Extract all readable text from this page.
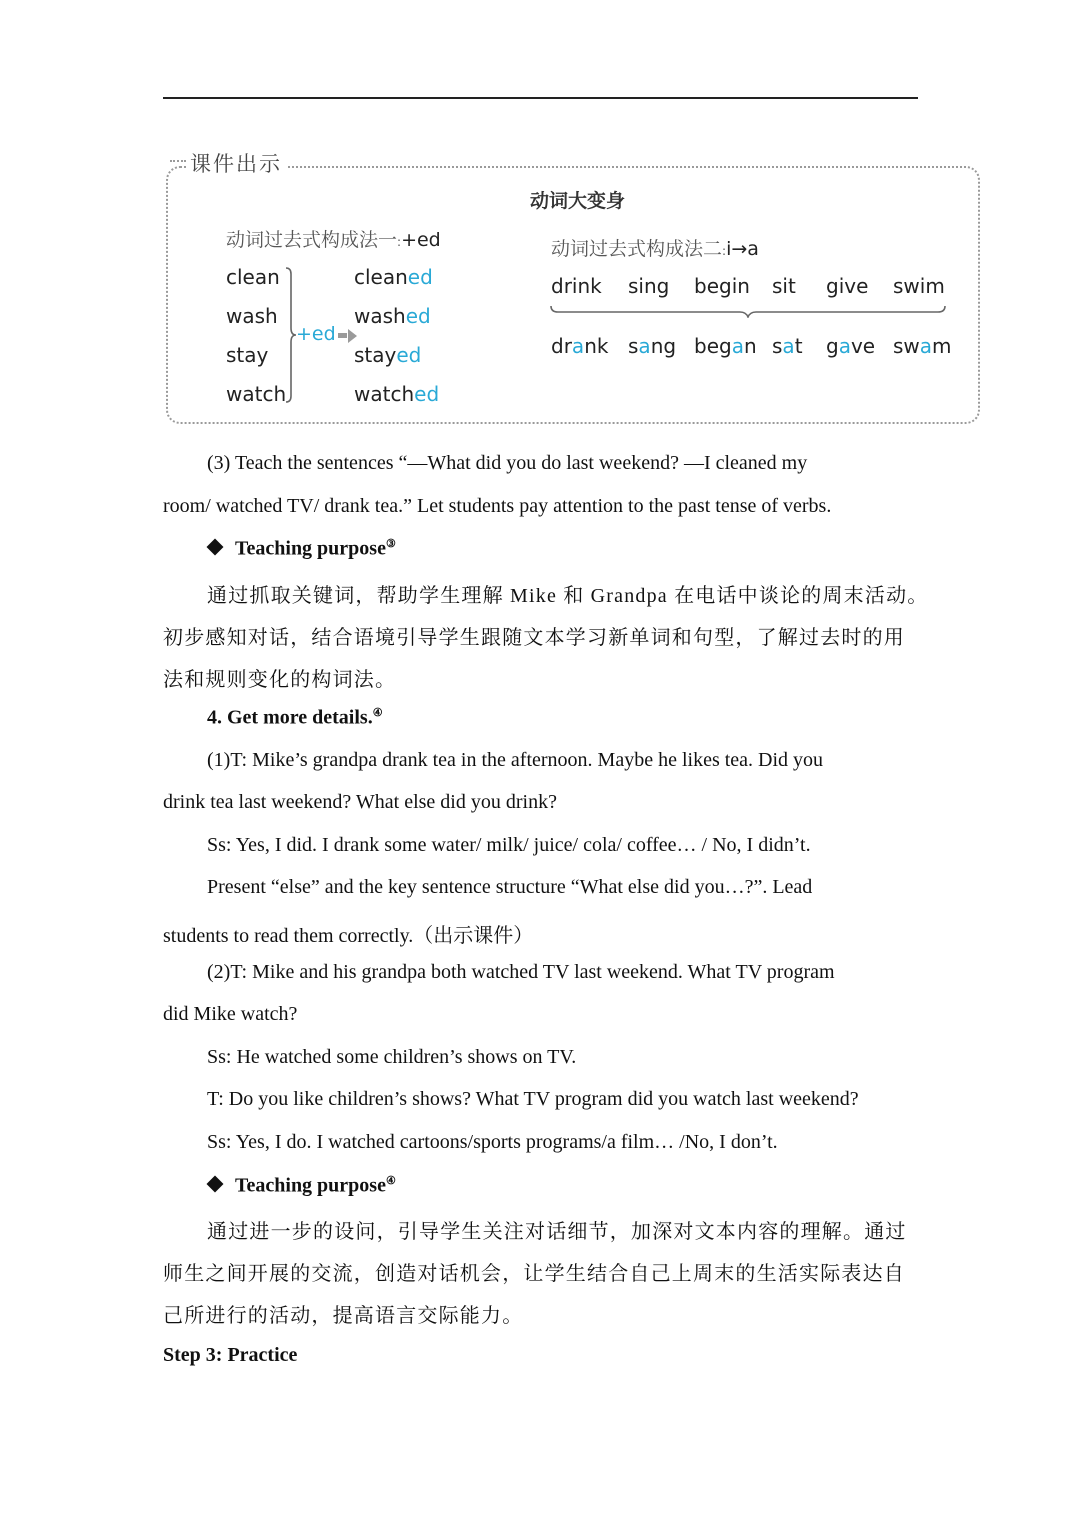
课件出示
动词大变身
动词过去式构成法一:+ed
clean
wash
stay
watch
+ed
cleaned
washed
stayed
watched
动词过去式构成法二:i→a
drink sing begin sit give swim
drank sang began sat gave swam
(3) Teach the sentences “—What did you do last weekend? —I cleaned my
room/ watched TV/ drank tea.” Let students pay attention to the past tense of verbs.
Teaching purpose③
通过抓取关键词，帮助学生理解 Mike 和 Grandpa 在电话中谈论的周末活动。
初步感知对话，结合语境引导学生跟随文本学习新单词和句型，了解过去时的用
法和规则变化的构词法。
4. Get more details.④
(1)T: Mike’s grandpa drank tea in the afternoon. Maybe he likes tea. Did you
drink tea last weekend? What else did you drink?
Ss: Yes, I did. I drank some water/ milk/ juice/ cola/ coffee… / No, I didn’t.
Present “else” and the key sentence structure “What else did you…?”. Lead
students to read them correctly.（出示课件）
(2)T: Mike and his grandpa both watched TV last weekend. What TV program
did Mike watch?
Ss: He watched some children’s shows on TV.
T: Do you like children’s shows? What TV program did you watch last weekend?
Ss: Yes, I do. I watched cartoons/sports programs/a film… /No, I don’t.
Teaching purpose④
通过进一步的设问，引导学生关注对话细节，加深对文本内容的理解。通过
师生之间开展的交流，创造对话机会，让学生结合自己上周末的生活实际表达自
己所进行的活动，提高语言交际能力。
Step 3: Practice
